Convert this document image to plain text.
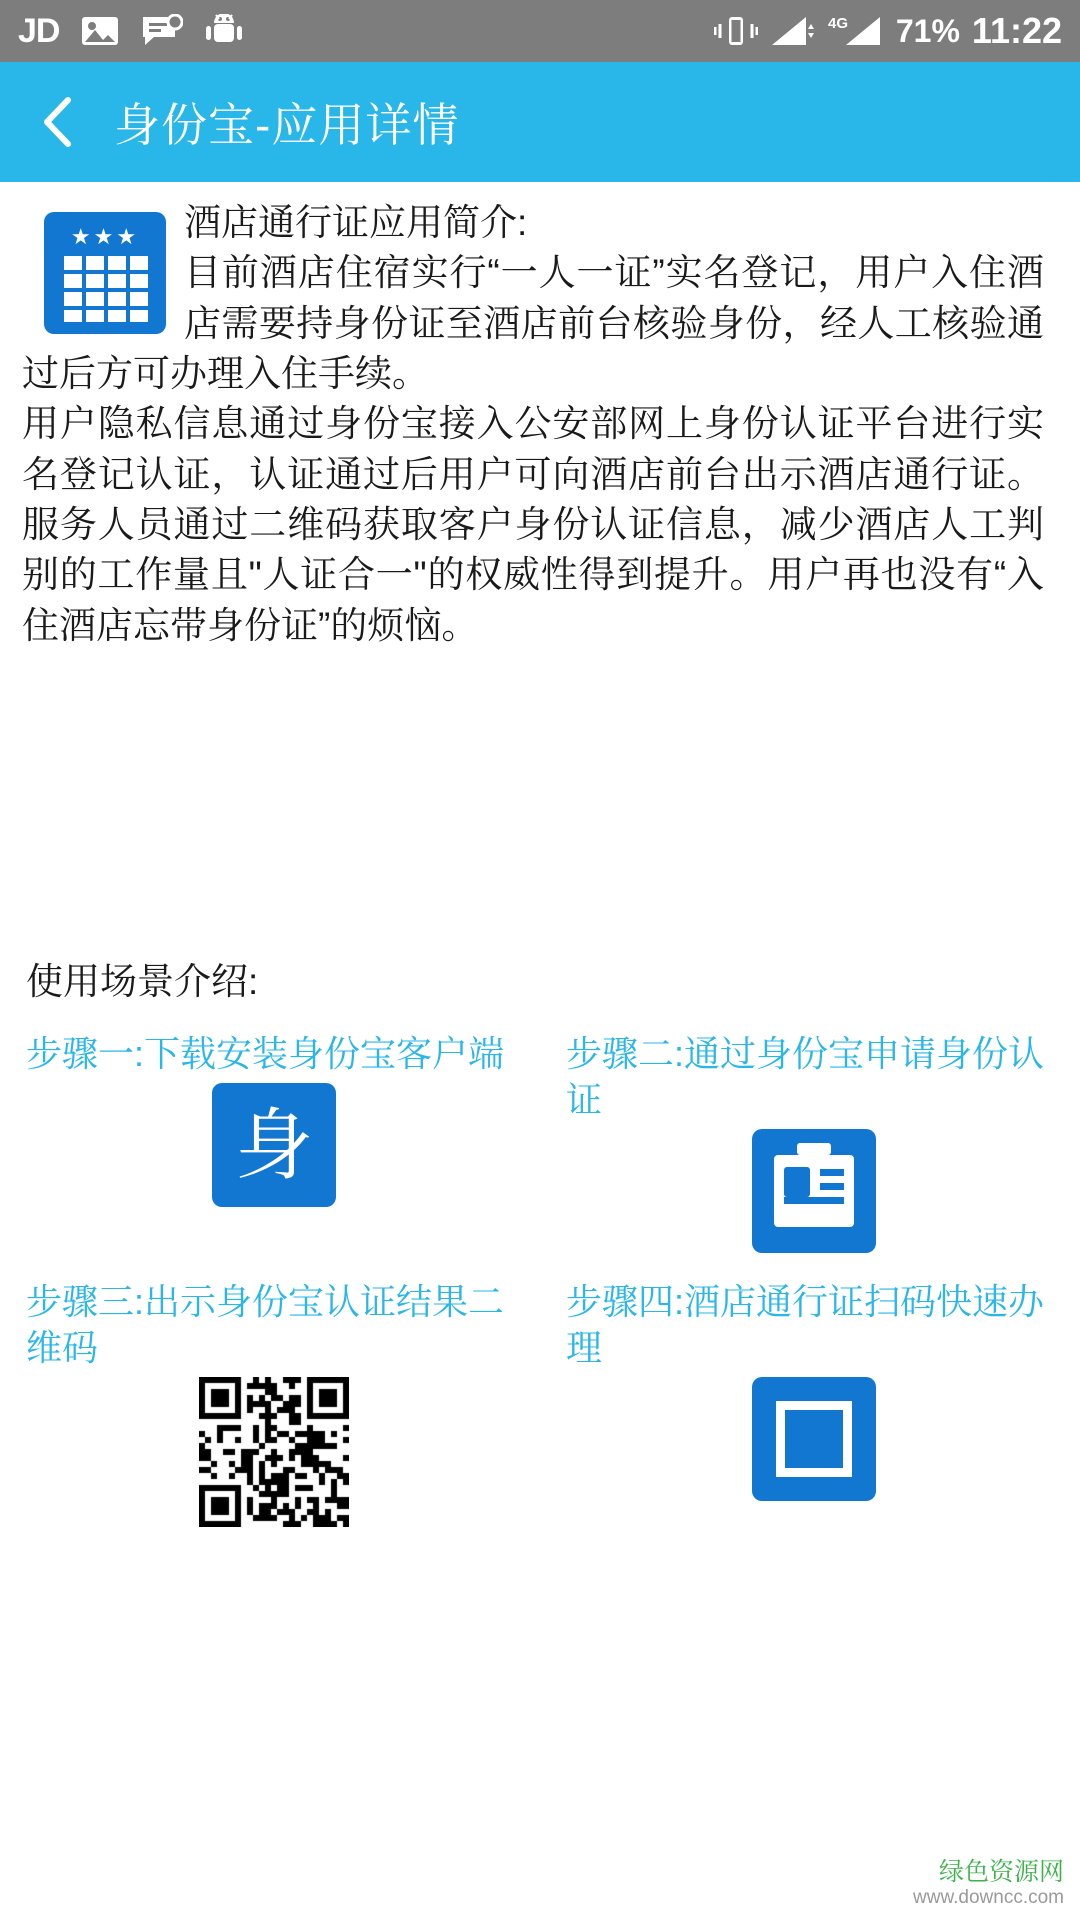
JD	4G 71% 11:22
身份宝-应用详情
★★★	酒店通行证应用简介:

目前酒店住宿实行“一人一证”实名登记，用户入住酒店需要持身份证至酒店前台核验身份，经人工核验通过后方可办理入住手续。

用户隐私信息通过身份宝接入公安部网上身份认证平台进行实名登记认证，认证通过后用户可向酒店前台出示酒店通行证。服务人员通过二维码获取客户身份认证信息，减少酒店人工判别的工作量且"人证合一"的权威性得到提升。用户再也没有“入住酒店忘带身份证”的烦恼。

使用场景介绍:
步骤一:下载安装身份宝客户端
身
步骤二:通过身份宝申请身份认证
步骤三:出示身份宝认证结果二维码
步骤四:酒店通行证扫码快速办理
绿色资源网
www.downcc.com
